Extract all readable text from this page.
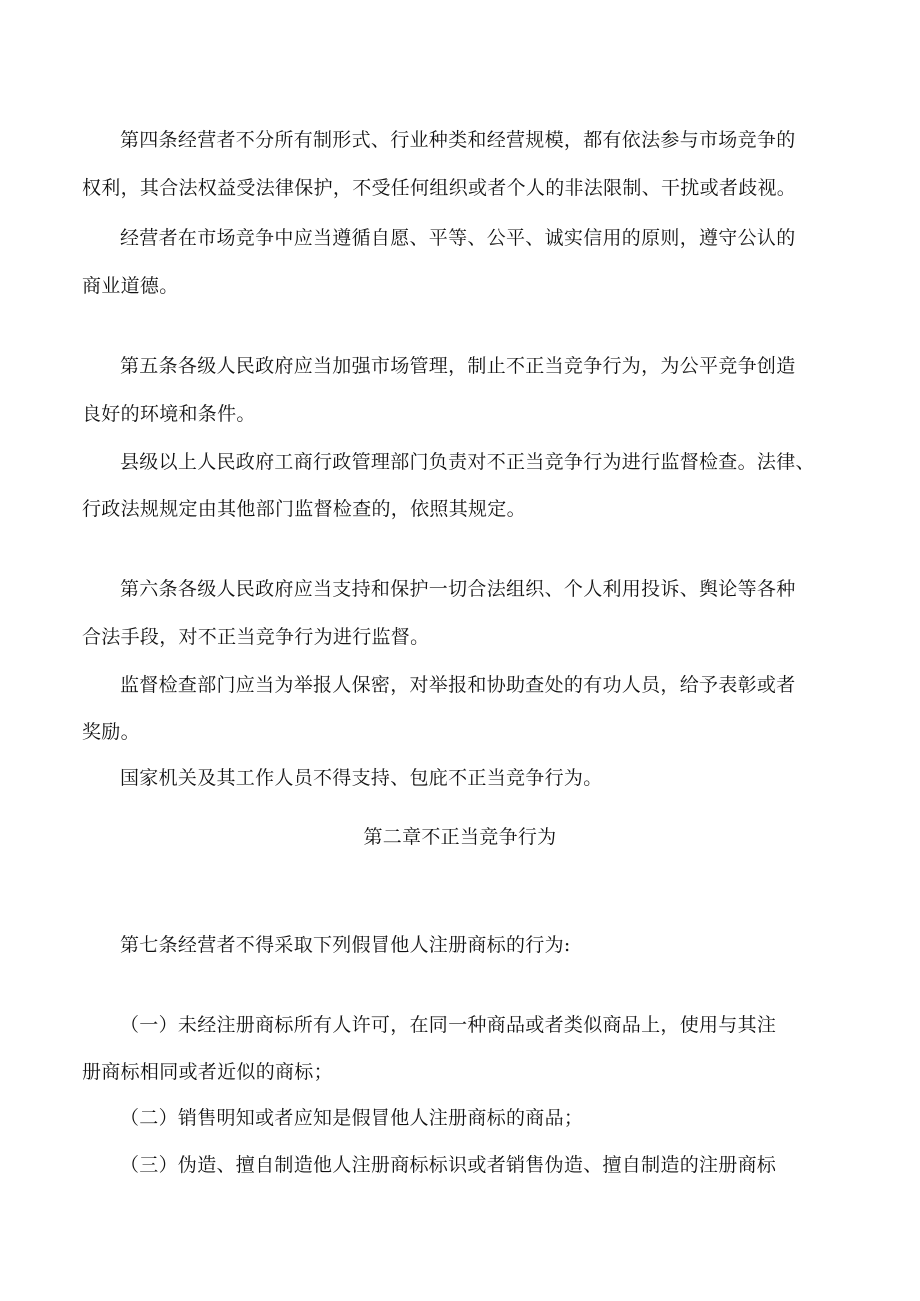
第四条经营者不分所有制形式、行业种类和经营规模，都有依法参与市场竞争的
权利，其合法权益受法律保护，不受任何组织或者个人的非法限制、干扰或者歧视。
经营者在市场竞争中应当遵循自愿、平等、公平、诚实信用的原则，遵守公认的
商业道德。
第五条各级人民政府应当加强市场管理，制止不正当竞争行为，为公平竞争创造
良好的环境和条件。
县级以上人民政府工商行政管理部门负责对不正当竞争行为进行监督检查。法律、
行政法规规定由其他部门监督检查的，依照其规定。
第六条各级人民政府应当支持和保护一切合法组织、个人利用投诉、舆论等各种
合法手段，对不正当竞争行为进行监督。
监督检查部门应当为举报人保密，对举报和协助查处的有功人员，给予表彰或者
奖励。
国家机关及其工作人员不得支持、包庇不正当竞争行为。
第二章不正当竞争行为
第七条经营者不得采取下列假冒他人注册商标的行为:
（一）未经注册商标所有人许可，在同一种商品或者类似商品上，使用与其注
册商标相同或者近似的商标；
（二）销售明知或者应知是假冒他人注册商标的商品；
（三）伪造、擅自制造他人注册商标标识或者销售伪造、擅自制造的注册商标
